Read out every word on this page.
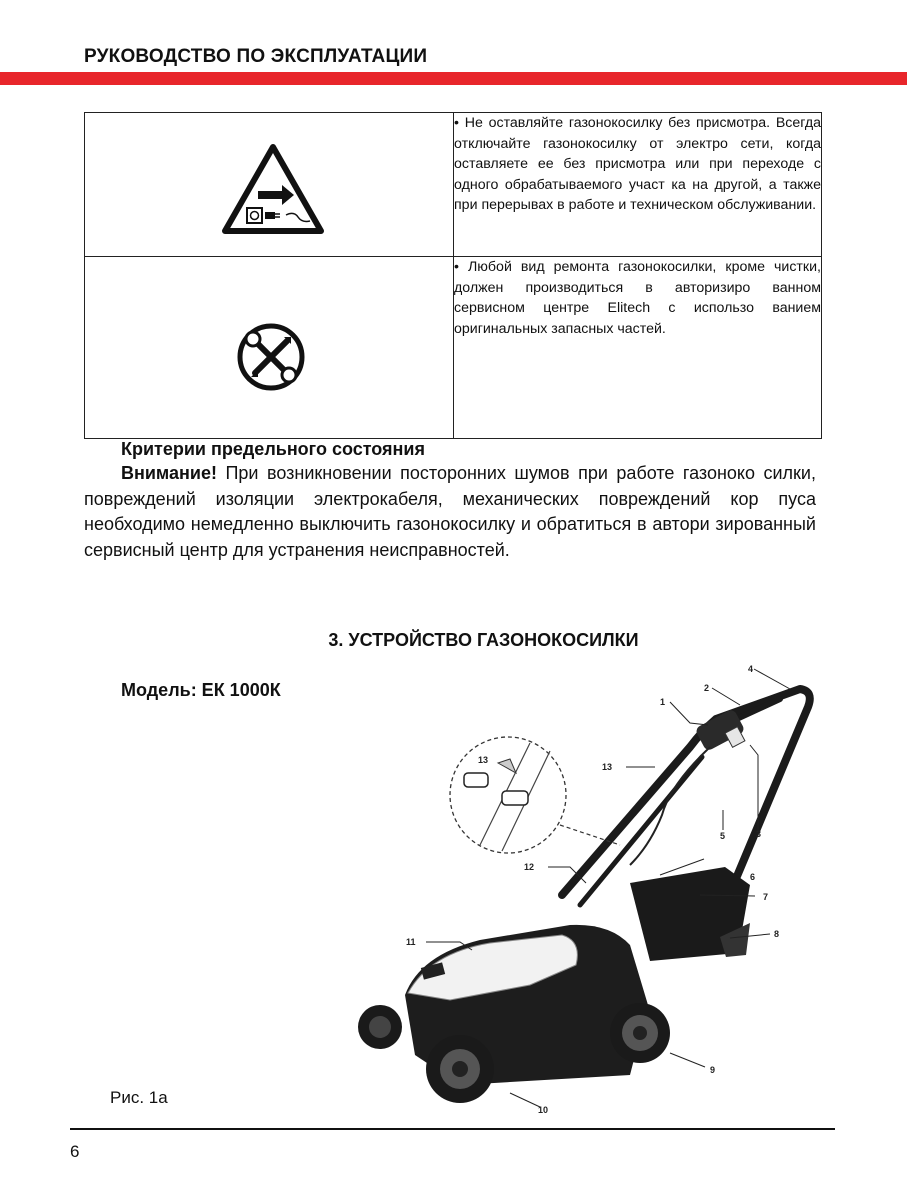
РУКОВОДСТВО ПО ЭКСПЛУАТАЦИИ
	• Не оставляйте газонокосилку без присмотра. Всегда отключайте газонокосилку от электро сети, когда оставляете ее без присмотра или при переходе с одного обрабатываемого участ ка на другой, а также при перерывах в работе и техническом обслуживании.

	• Любой вид ремонта газонокосилки, кроме чистки, должен производиться в авторизиро ванном сервисном центре Elitech с использо ванием оригинальных запасных частей.
Критерии предельного состояния
Внимание! При возникновении посторонних шумов при работе газоноко силки, повреждений изоляции электрокабеля, механических повреждений кор пуса необходимо немедленно выключить газонокосилку и обратиться в автори зированный сервисный центр для устранения неисправностей.
3. УСТРОЙСТВО ГАЗОНОКОСИЛКИ
Модель: ЕК 1000К
1
2
3
4
5
6
7
8
9
10
11
12
13
13
Рис. 1а
6
